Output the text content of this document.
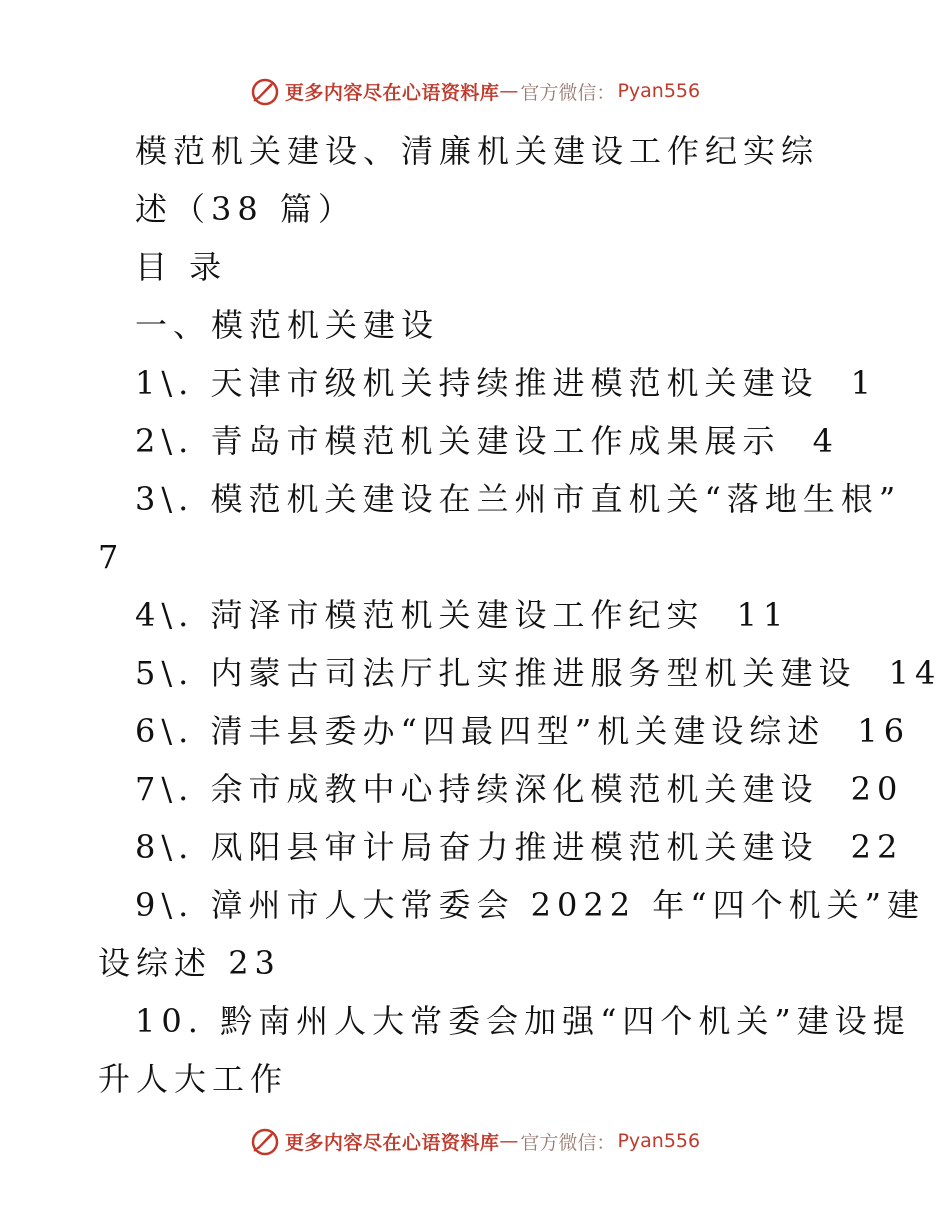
更多内容尽在心语资料库 — 官方微信： Pyan556
模范机关建设、清廉机关建设工作纪实综
述（38 篇）
目 录
一、模范机关建设
1\. 天津市级机关持续推进模范机关建设 1
2\. 青岛市模范机关建设工作成果展示 4
3\. 模范机关建设在兰州市直机关“落地生根”
7
4\. 菏泽市模范机关建设工作纪实 11
5\. 内蒙古司法厅扎实推进服务型机关建设 14
6\. 清丰县委办“四最四型”机关建设综述 16
7\. 余市成教中心持续深化模范机关建设 20
8\. 凤阳县审计局奋力推进模范机关建设 22
9\. 漳州市人大常委会 2022 年“四个机关”建
设综述 23
10. 黔南州人大常委会加强“四个机关”建设提
升人大工作
更多内容尽在心语资料库 — 官方微信： Pyan556
